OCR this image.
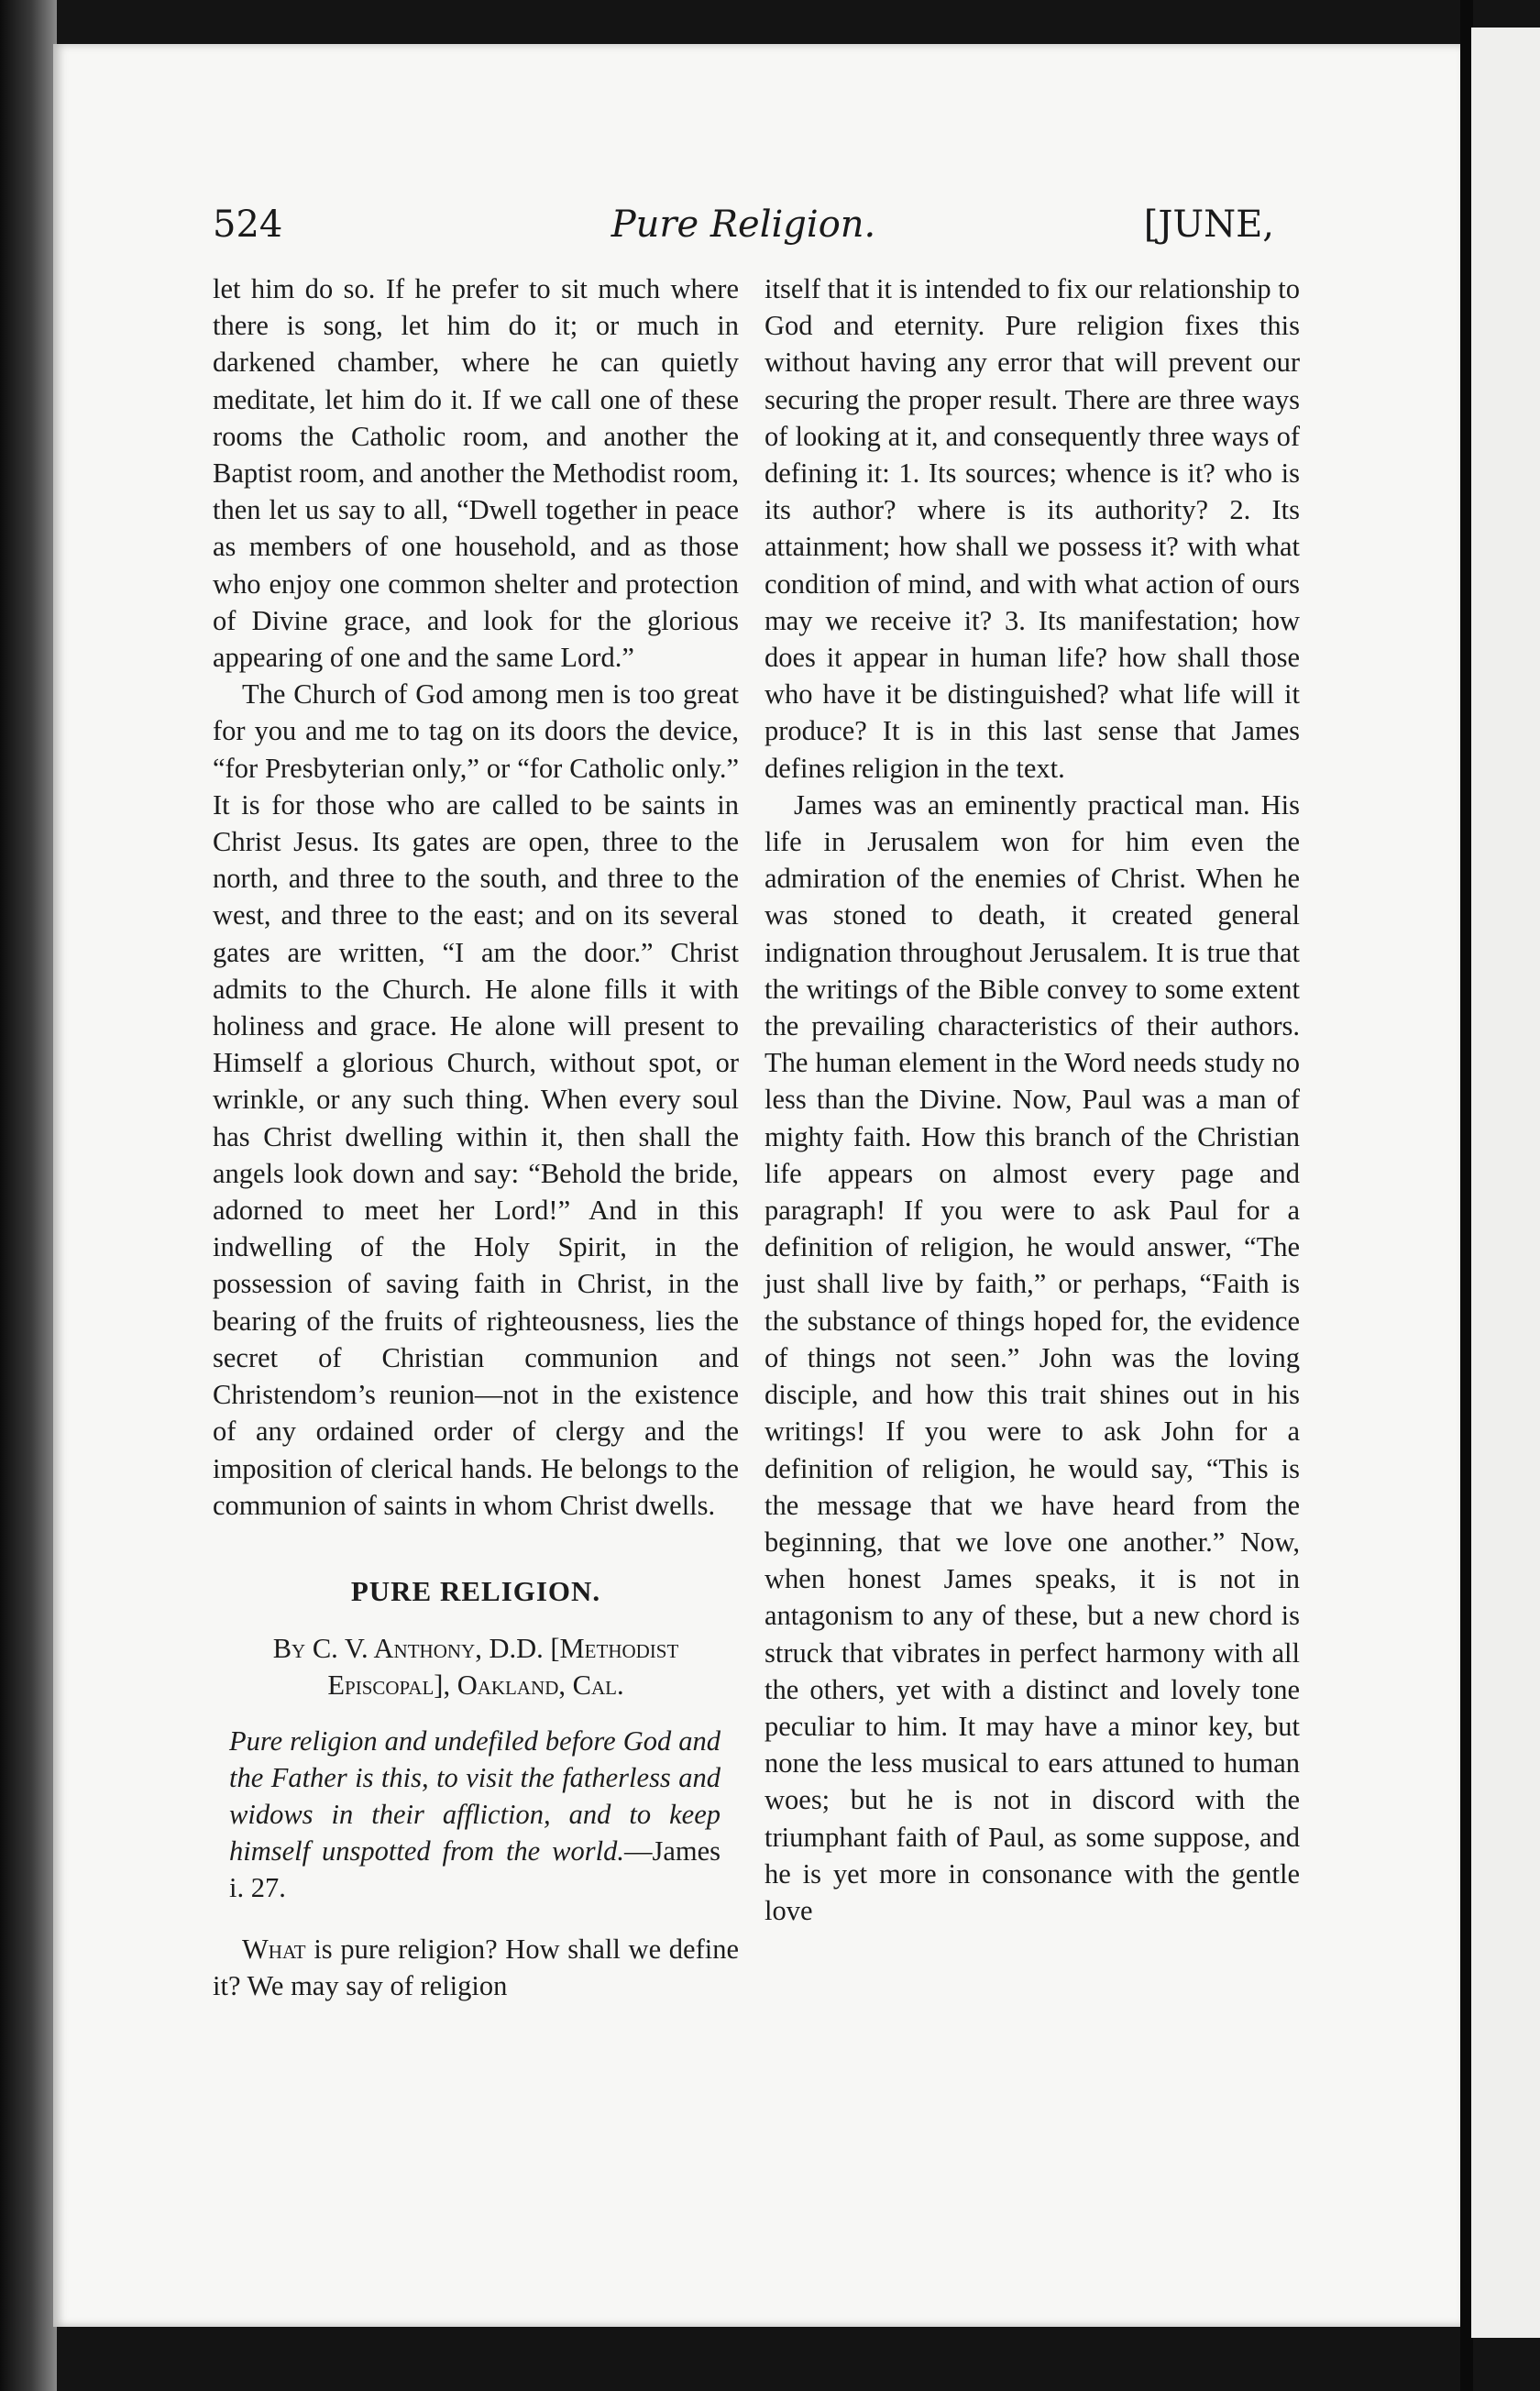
524	Pure Religion.	[JUNE,

let him do so. If he prefer to sit much where there is song, let him do it; or much in darkened chamber, where he can quietly meditate, let him do it. If we call one of these rooms the Catholic room, and another the Baptist room, and another the Methodist room, then let us say to all, “Dwell together in peace as members of one household, and as those who enjoy one common shelter and protection of Divine grace, and look for the glorious appearing of one and the same Lord.”

The Church of God among men is too great for you and me to tag on its doors the device, “for Presbyterian only,” or “for Catholic only.” It is for those who are called to be saints in Christ Jesus. Its gates are open, three to the north, and three to the south, and three to the west, and three to the east; and on its several gates are written, “I am the door.” Christ admits to the Church. He alone fills it with holiness and grace. He alone will present to Himself a glorious Church, without spot, or wrinkle, or any such thing. When every soul has Christ dwelling within it, then shall the angels look down and say: “Behold the bride, adorned to meet her Lord!” And in this indwelling of the Holy Spirit, in the possession of saving faith in Christ, in the bearing of the fruits of righteousness, lies the secret of Christian communion and Christendom’s reunion—not in the existence of any ordained order of clergy and the imposition of clerical hands. He belongs to the communion of saints in whom Christ dwells.

PURE RELIGION.
By C. V. Anthony, D.D. [Methodist Episcopal], Oakland, Cal.

Pure religion and undefiled before God and the Father is this, to visit the fatherless and widows in their affliction, and to keep himself unspotted from the world.—James i. 27.

What is pure religion? How shall we define it? We may say of religion

itself that it is intended to fix our relationship to God and eternity. Pure religion fixes this without having any error that will prevent our securing the proper result. There are three ways of looking at it, and consequently three ways of defining it: 1. Its sources; whence is it? who is its author? where is its authority? 2. Its attainment; how shall we possess it? with what condition of mind, and with what action of ours may we receive it? 3. Its manifestation; how does it appear in human life? how shall those who have it be distinguished? what life will it produce? It is in this last sense that James defines religion in the text.

James was an eminently practical man. His life in Jerusalem won for him even the admiration of the enemies of Christ. When he was stoned to death, it created general indignation throughout Jerusalem. It is true that the writings of the Bible convey to some extent the prevailing characteristics of their authors. The human element in the Word needs study no less than the Divine. Now, Paul was a man of mighty faith. How this branch of the Christian life appears on almost every page and paragraph! If you were to ask Paul for a definition of religion, he would answer, “The just shall live by faith,” or perhaps, “Faith is the substance of things hoped for, the evidence of things not seen.” John was the loving disciple, and how this trait shines out in his writings! If you were to ask John for a definition of religion, he would say, “This is the message that we have heard from the beginning, that we love one another.” Now, when honest James speaks, it is not in antagonism to any of these, but a new chord is struck that vibrates in perfect harmony with all the others, yet with a distinct and lovely tone peculiar to him. It may have a minor key, but none the less musical to ears attuned to human woes; but he is not in discord with the triumphant faith of Paul, as some suppose, and he is yet more in consonance with the gentle love
